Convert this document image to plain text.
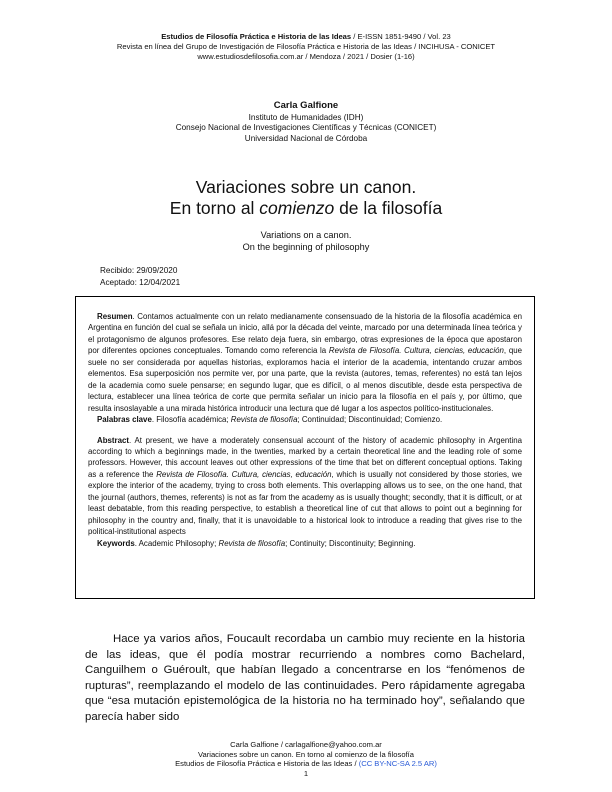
Estudios de Filosofía Práctica e Historia de las Ideas / E-ISSN 1851-9490 / Vol. 23
Revista en línea del Grupo de Investigación de Filosofía Práctica e Historia de las Ideas / INCIHUSA - CONICET
www.estudiosdefilosofia.com.ar / Mendoza / 2021 / Dosier (1-16)
Carla Galfione
Instituto de Humanidades (IDH)
Consejo Nacional de Investigaciones Científicas y Técnicas (CONICET)
Universidad Nacional de Córdoba
Variaciones sobre un canon.
En torno al comienzo de la filosofía
Variations on a canon.
On the beginning of philosophy
Recibido: 29/09/2020
Aceptado: 12/04/2021

Resumen. Contamos actualmente con un relato medianamente consensuado de la historia de la filosofía académica en Argentina en función del cual se señala un inicio, allá por la década del veinte, marcado por una determinada línea teórica y el protagonismo de algunos profesores. Ese relato deja fuera, sin embargo, otras expresiones de la época que apostaron por diferentes opciones conceptuales. Tomando como referencia la Revista de Filosofía. Cultura, ciencias, educación, que suele no ser considerada por aquellas historias, exploramos hacia el interior de la academia, intentando cruzar ambos elementos. Esa superposición nos permite ver, por una parte, que la revista (autores, temas, referentes) no está tan lejos de la academia como suele pensarse; en segundo lugar, que es difícil, o al menos discutible, desde esta perspectiva de lectura, establecer una línea teórica de corte que permita señalar un inicio para la filosofía en el país y, por último, que resulta insoslayable a una mirada histórica introducir una lectura que dé lugar a los aspectos político-institucionales.

Palabras clave. Filosofía académica; Revista de filosofía; Continuidad; Discontinuidad; Comienzo.

Abstract. At present, we have a moderately consensual account of the history of academic philosophy in Argentina according to which a beginnings made, in the twenties, marked by a certain theoretical line and the leading role of some professors. However, this account leaves out other expressions of the time that bet on different conceptual options. Taking as a reference the Revista de Filosofía. Cultura, ciencias, educación, which is usually not considered by those stories, we explore the interior of the academy, trying to cross both elements. This overlapping allows us to see, on the one hand, that the journal (authors, themes, referents) is not as far from the academy as is usually thought; secondly, that it is difficult, or at least debatable, from this reading perspective, to establish a theoretical line of cut that allows to point out a beginning for philosophy in the country and, finally, that it is unavoidable to a historical look to introduce a reading that gives rise to the political-institutional aspects

Keywords. Academic Philosophy; Revista de filosofía; Continuity; Discontinuity; Beginning.

Hace ya varios años, Foucault recordaba un cambio muy reciente en la historia de las ideas, que él podía mostrar recurriendo a nombres como Bachelard, Canguilhem o Guéroult, que habían llegado a concentrarse en los “fenómenos de rupturas”, reemplazando el modelo de las continuidades. Pero rápidamente agregaba que “esa mutación epistemológica de la historia no ha terminado hoy”, señalando que parecía haber sido

Carla Galfione / carlagalfione@yahoo.com.ar
Variaciones sobre un canon. En torno al comienzo de la filosofía
Estudios de Filosofía Práctica e Historia de las Ideas / (CC BY-NC-SA 2.5 AR)
1
